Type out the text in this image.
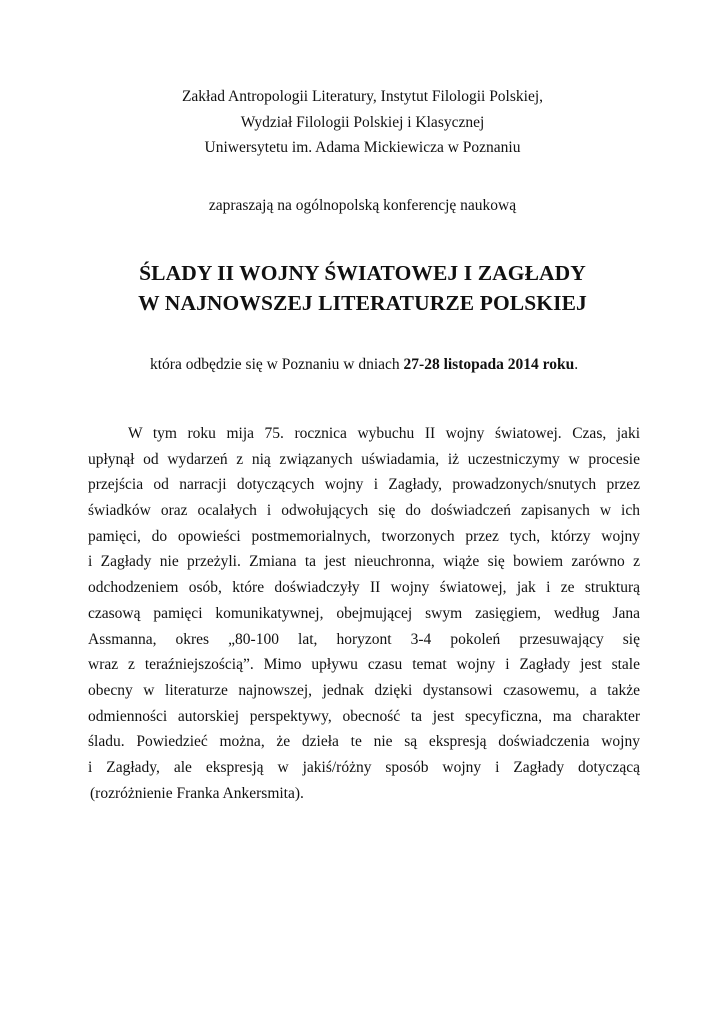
Zakład Antropologii Literatury, Instytut Filologii Polskiej,
Wydział Filologii Polskiej i Klasycznej
Uniwersytetu im. Adama Mickiewicza w Poznaniu
zapraszają na ogólnopolską konferencję naukową
ŚLADY II WOJNY ŚWIATOWEJ I ZAGŁADY
W NAJNOWSZEJ LITERATURZE POLSKIEJ
która odbędzie się w Poznaniu w dniach 27-28 listopada 2014 roku.
W tym roku mija 75. rocznica wybuchu II wojny światowej. Czas, jaki
upłynął od wydarzeń z nią związanych uświadamia, iż uczestniczymy w procesie
przejścia od narracji dotyczących wojny i Zagłady, prowadzonych/snutych przez
świadków oraz ocalałych i odwołujących się do doświadczeń zapisanych w ich
pamięci, do opowieści postmemorialnych, tworzonych przez tych, którzy wojny
i Zagłady nie przeżyli. Zmiana ta jest nieuchronna, wiąże się bowiem zarówno z
odchodzeniem osób, które doświadczyły II wojny światowej, jak i ze strukturą
czasową pamięci komunikatywnej, obejmującej swym zasięgiem, według Jana
Assmanna, okres „80-100 lat, horyzont 3-4 pokoleń przesuwający się
wraz z teraźniejszością”. Mimo upływu czasu temat wojny i Zagłady jest stale
obecny w literaturze najnowszej, jednak dzięki dystansowi czasowemu, a także
odmienności autorskiej perspektywy, obecność ta jest specyficzna, ma charakter
śladu. Powiedzieć można, że dzieła te nie są ekspresją doświadczenia wojny
i Zagłady, ale ekspresją w jakiś/różny sposób wojny i Zagłady dotyczącą
(rozróżnienie Franka Ankersmita).
